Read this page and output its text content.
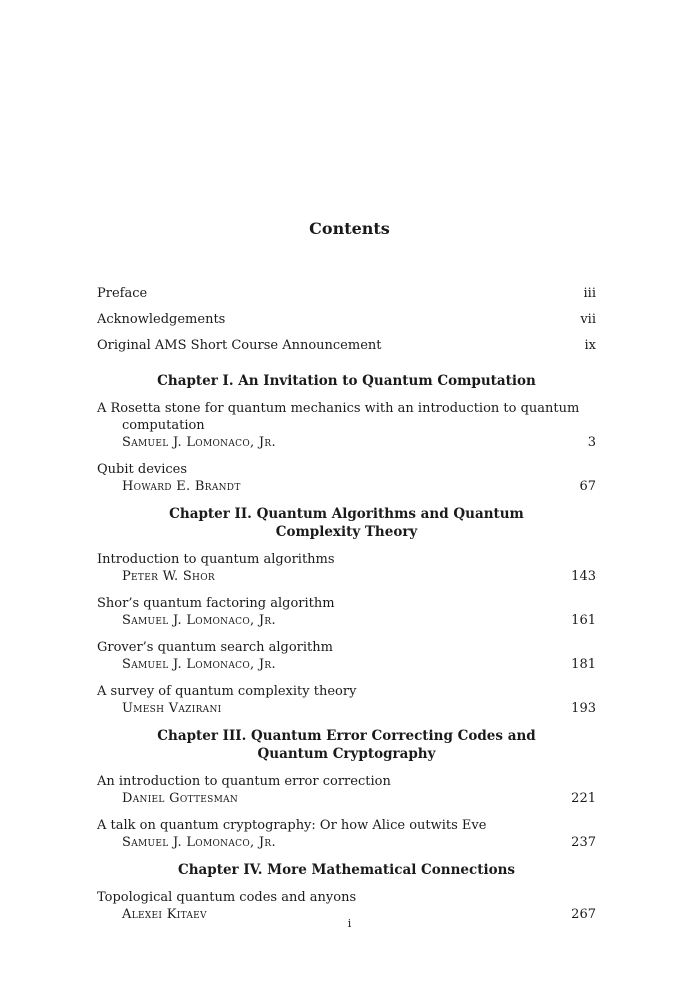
Contents
Preface	iii
Acknowledgements	vii
Original AMS Short Course Announcement	ix
Chapter I. An Invitation to Quantum Computation
A Rosetta stone for quantum mechanics with an introduction to quantum
computation
Samuel J. Lomonaco, Jr.	3
Qubit devices
Howard E. Brandt	67
Chapter II. Quantum Algorithms and Quantum Complexity Theory
Introduction to quantum algorithms
Peter W. Shor	143
Shor’s quantum factoring algorithm
Samuel J. Lomonaco, Jr.	161
Grover’s quantum search algorithm
Samuel J. Lomonaco, Jr.	181
A survey of quantum complexity theory
Umesh Vazirani	193
Chapter III. Quantum Error Correcting Codes and Quantum Cryptography
An introduction to quantum error correction
Daniel Gottesman	221
A talk on quantum cryptography: Or how Alice outwits Eve
Samuel J. Lomonaco, Jr.	237
Chapter IV. More Mathematical Connections
Topological quantum codes and anyons
Alexei Kitaev	267
i
